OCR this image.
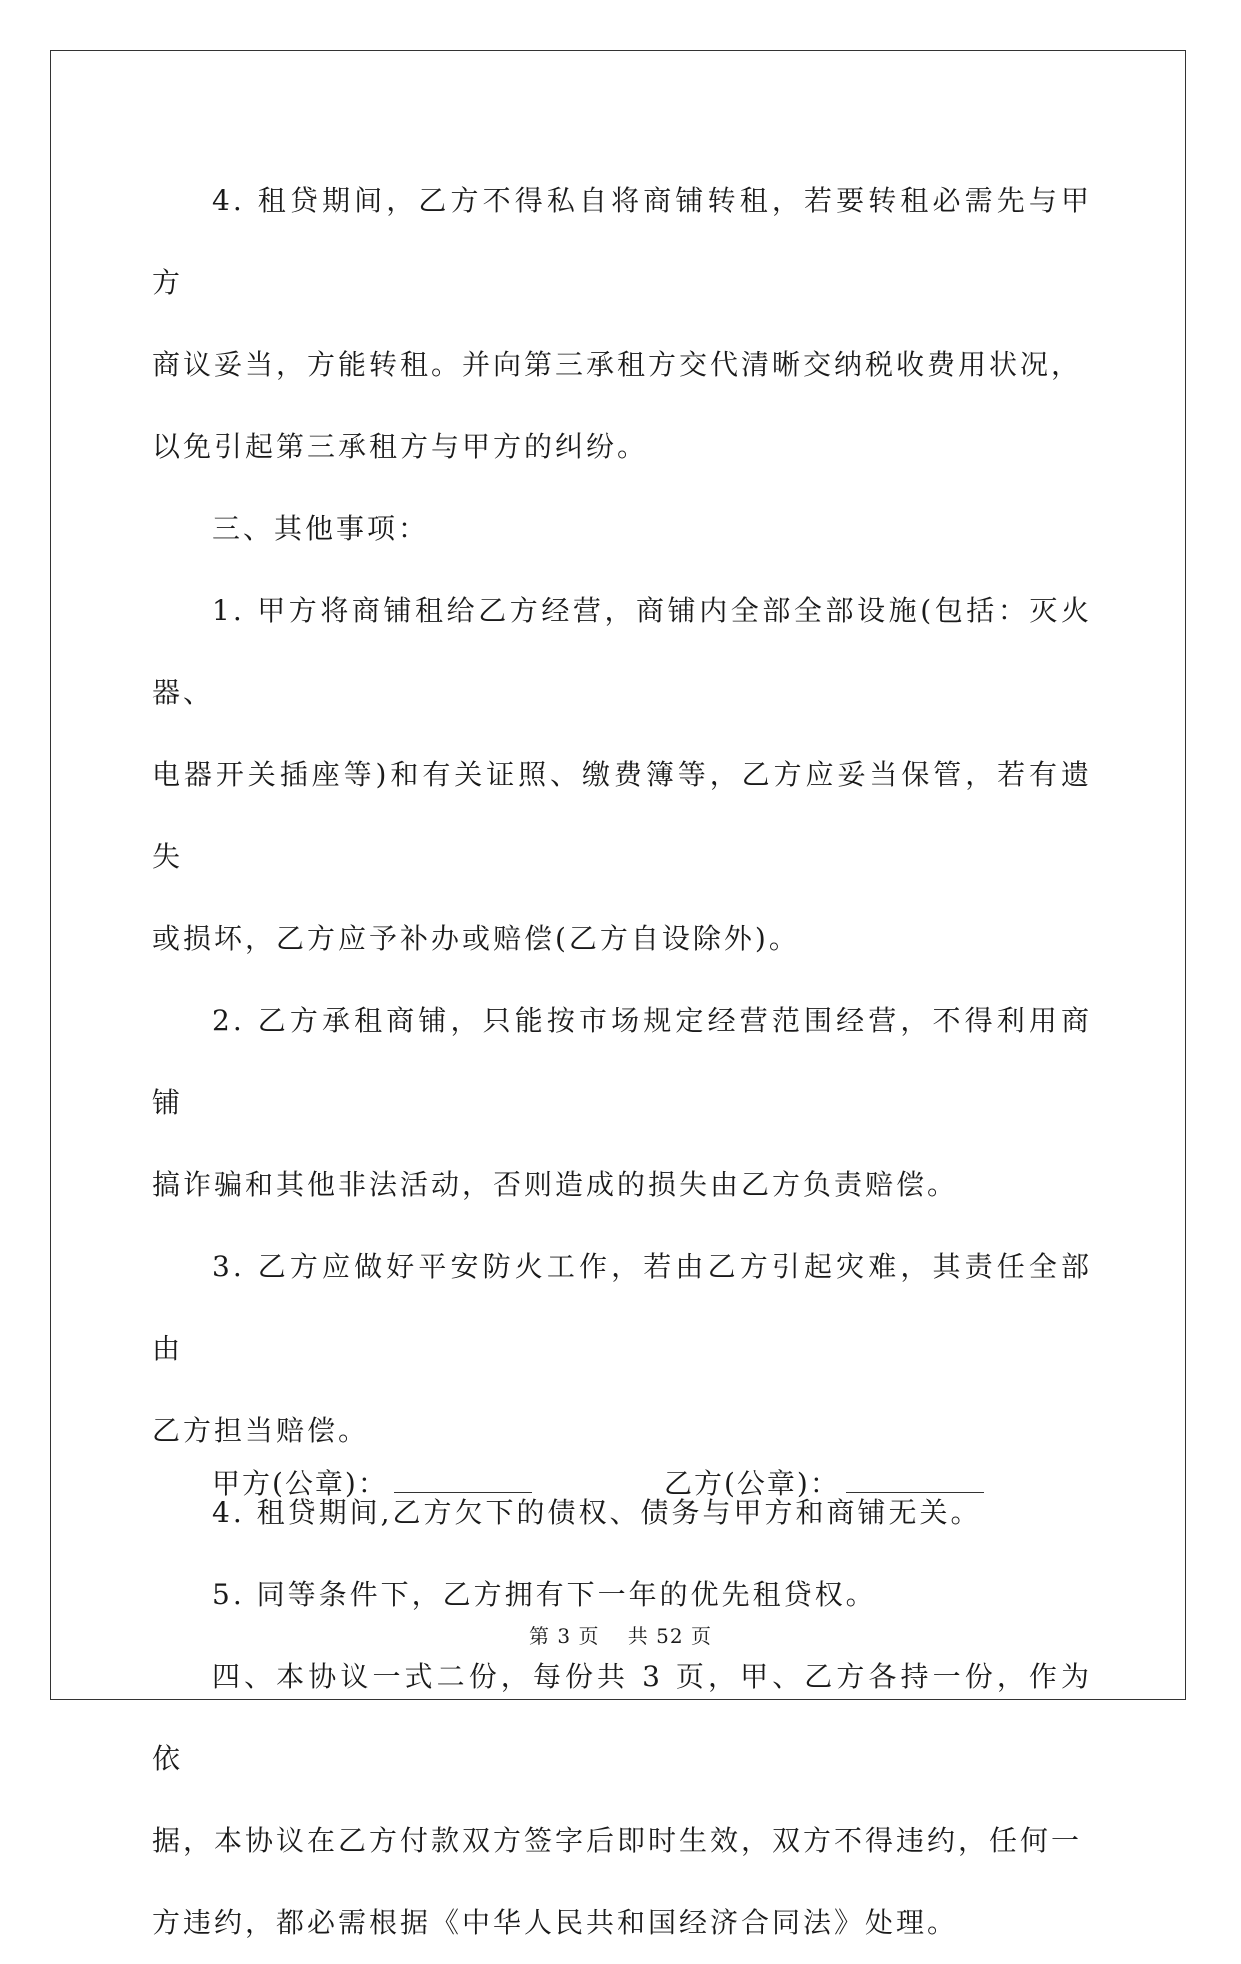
4. 租贷期间，乙方不得私自将商铺转租，若要转租必需先与甲方
商议妥当，方能转租。并向第三承租方交代清晰交纳税收费用状况，
以免引起第三承租方与甲方的纠纷。
三、其他事项：
1. 甲方将商铺租给乙方经营，商铺内全部全部设施(包括：灭火器、
电器开关插座等)和有关证照、缴费簿等，乙方应妥当保管，若有遗失
或损坏，乙方应予补办或赔偿(乙方自设除外)。
2. 乙方承租商铺，只能按市场规定经营范围经营，不得利用商铺
搞诈骗和其他非法活动，否则造成的损失由乙方负责赔偿。
3. 乙方应做好平安防火工作，若由乙方引起灾难，其责任全部由
乙方担当赔偿。
4. 租贷期间,乙方欠下的债权、债务与甲方和商铺无关。
5. 同等条件下，乙方拥有下一年的优先租贷权。
四、本协议一式二份，每份共 3 页，甲、乙方各持一份，作为依
据，本协议在乙方付款双方签字后即时生效，双方不得违约，任何一
方违约，都必需根据《中华人民共和国经济合同法》处理。
甲方(公章)：	乙方(公章)：
第 3 页　 共 52 页
